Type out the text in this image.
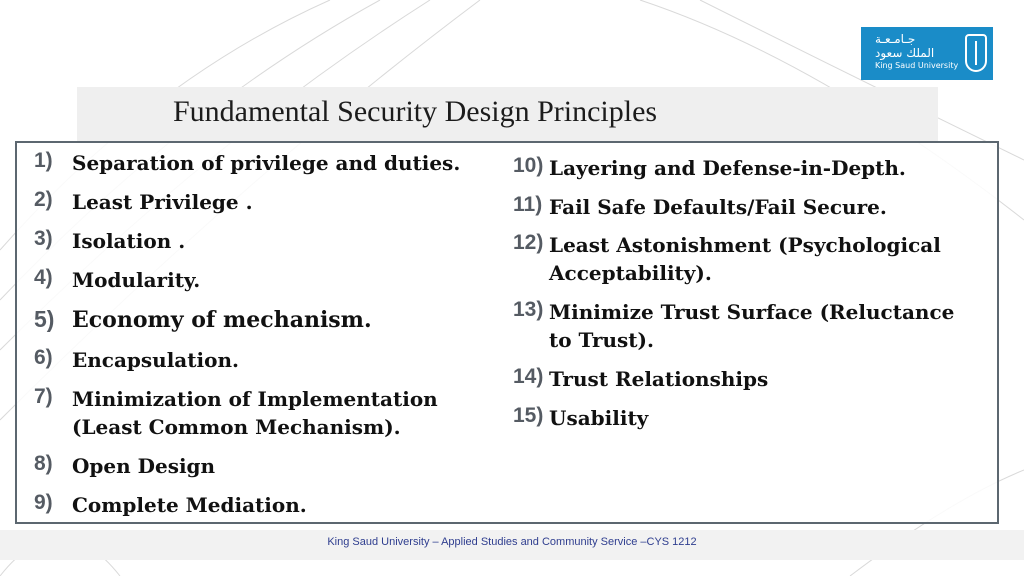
جـامـعـة
الملك سعود
King Saud University
Fundamental Security Design Principles
1) Separation of privilege and duties.
2) Least Privilege .
3) Isolation .
4) Modularity.
5) Economy of mechanism.
6) Encapsulation.
7) Minimization of Implementation
(Least Common Mechanism).
8) Open Design
9) Complete Mediation.
10) Layering and Defense-in-Depth.
11) Fail Safe Defaults/Fail Secure.
12) Least Astonishment (Psychological
Acceptability).
13) Minimize Trust Surface (Reluctance
to Trust).
14) Trust Relationships
15) Usability
King Saud University – Applied Studies and Community Service –CYS 1212
